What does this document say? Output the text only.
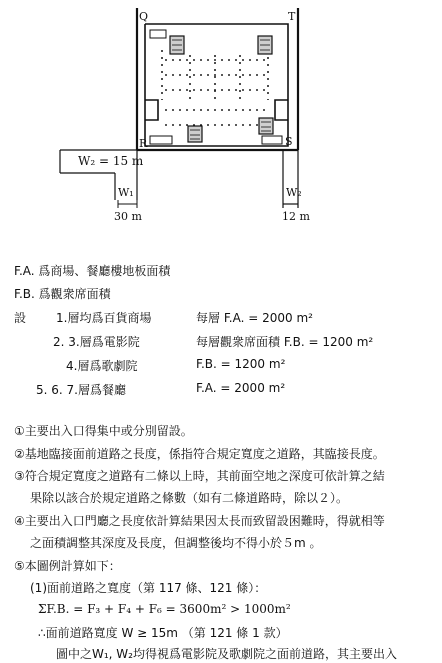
Q	T
R	S
W₂ = 15 m
W₁
30 m
W₂
12 m
F.A. 爲商場、餐廳樓地板面積
F.B. 爲觀衆席面積
設 1.層均爲百貨商場	每層 F.A. = 2000 m²
2. 3.層爲電影院	每層觀衆席面積 F.B. = 1200 m²
4.層爲歌劇院	F.B. = 1200 m²
5. 6. 7.層爲餐廳	F.A. = 2000 m²
①主要出入口得集中或分別留設。
②基地臨接面前道路之長度，係指符合規定寬度之道路，其臨接長度。
③符合規定寬度之道路有二條以上時，其前面空地之深度可依計算之結
果除以該合於規定道路之條數（如有二條道路時，除以２）。
④主要出入口門廳之長度依計算結果因太長而致留設困難時，得就相等
之面積調整其深度及長度，但調整後均不得小於５m 。
⑤本圖例計算如下：
(1)面前道路之寬度（第 117 條、121 條）：
ΣF.B. = F₃ + F₄ + F₆ = 3600m² > 1000m²
∴面前道路寬度 W ≥ 15m （第 121 條 1 款）
圖中之W₁, W₂均得視爲電影院及歌劇院之面前道路，其主要出入
